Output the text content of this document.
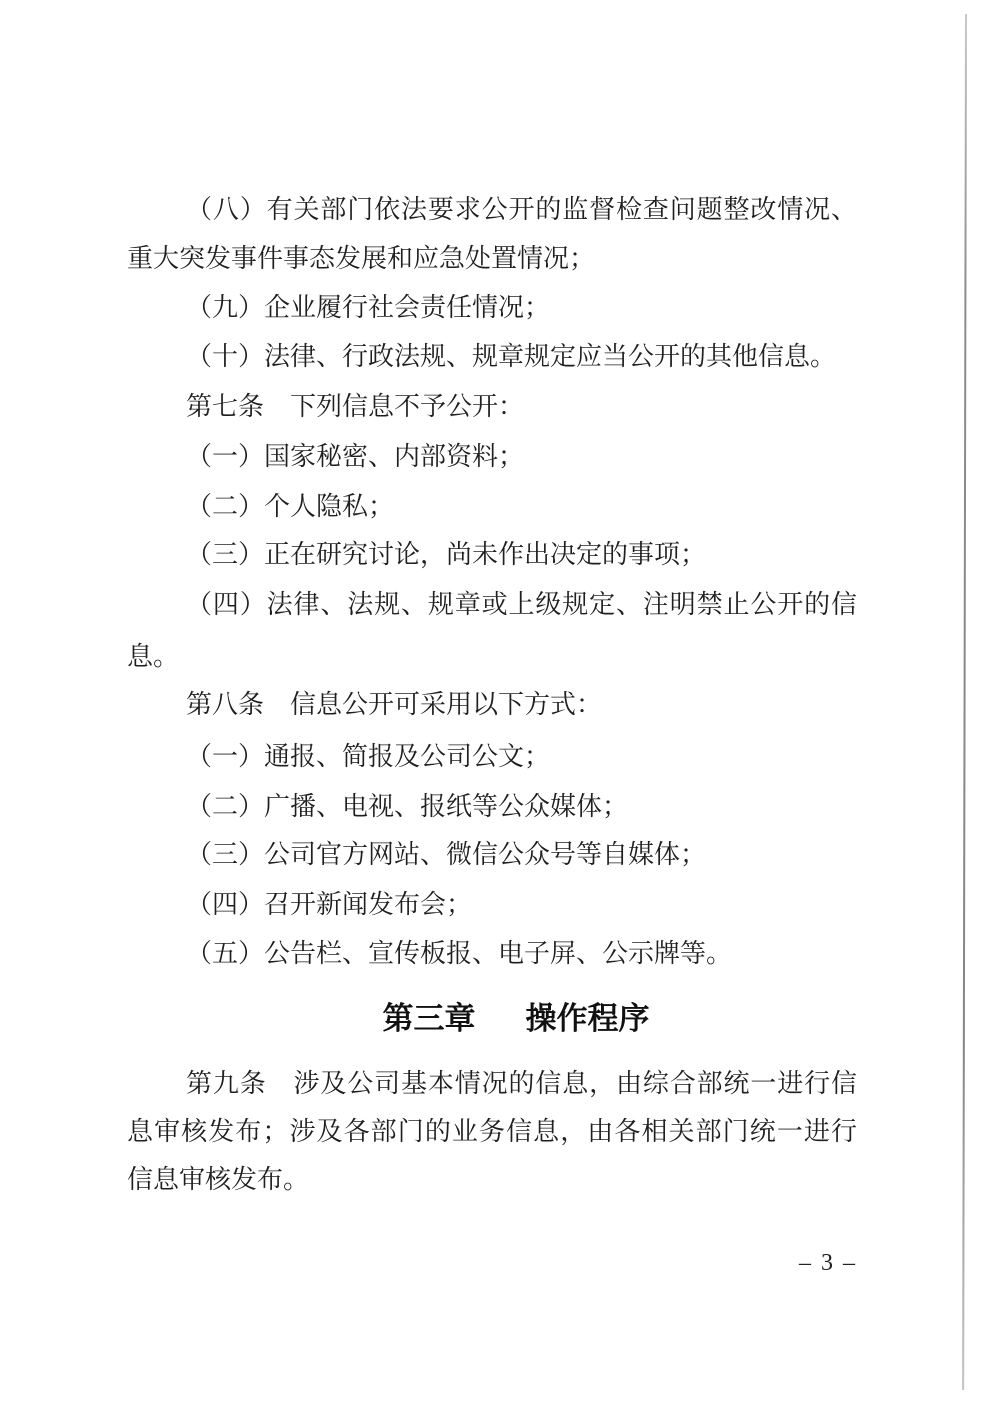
（八）有关部门依法要求公开的监督检查问题整改情况、
重大突发事件事态发展和应急处置情况；
（九）企业履行社会责任情况；
（十）法律、行政法规、规章规定应当公开的其他信息。
第七条　下列信息不予公开：
（一）国家秘密、内部资料；
（二）个人隐私；
（三）正在研究讨论，尚未作出决定的事项；
（四）法律、法规、规章或上级规定、注明禁止公开的信
息。
第八条　信息公开可采用以下方式：
（一）通报、简报及公司公文；
（二）广播、电视、报纸等公众媒体；
（三）公司官方网站、微信公众号等自媒体；
（四）召开新闻发布会；
（五）公告栏、宣传板报、电子屏、公示牌等。
第三章 操作程序
第九条　涉及公司基本情况的信息，由综合部统一进行信
息审核发布；涉及各部门的业务信息，由各相关部门统一进行
信息审核发布。
– 3 –
